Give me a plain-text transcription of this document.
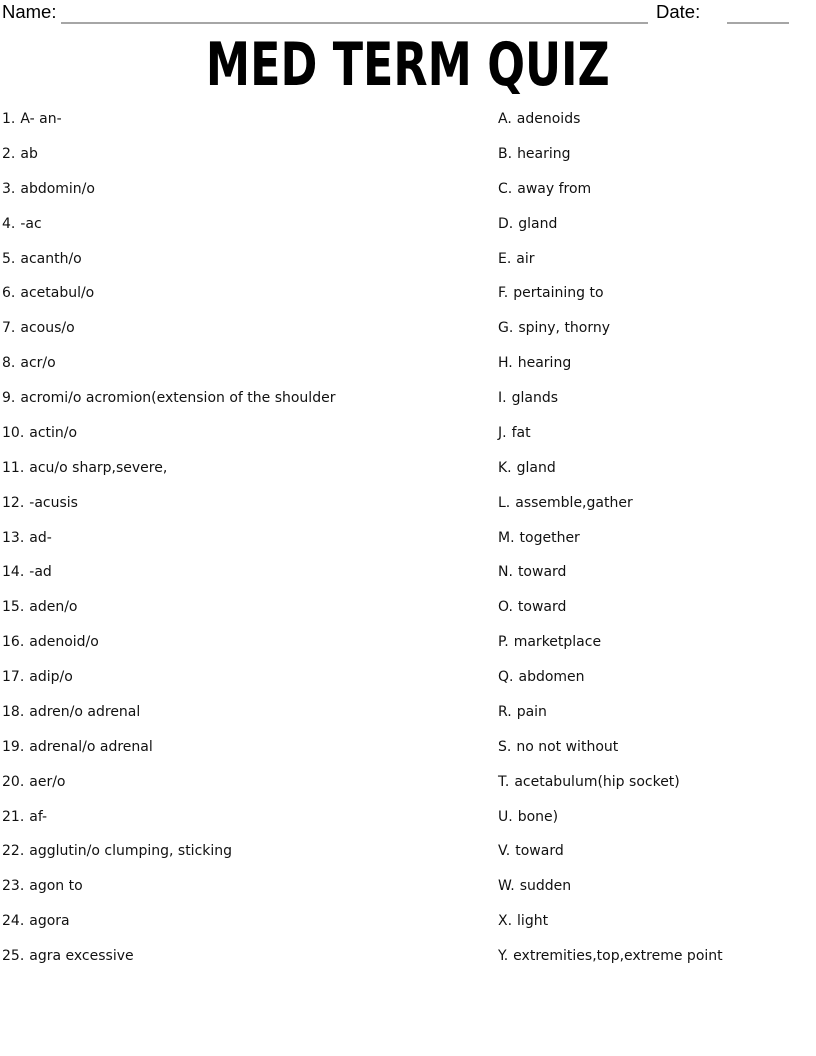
Name:	Date:
MED TERM QUIZ
1. A- an-
2. ab
3. abdomin/o
4. -ac
5. acanth/o
6. acetabul/o
7. acous/o
8. acr/o
9. acromi/o acromion(extension of the shoulder
10. actin/o
11. acu/o sharp,severe,
12. -acusis
13. ad-
14. -ad
15. aden/o
16. adenoid/o
17. adip/o
18. adren/o adrenal
19. adrenal/o adrenal
20. aer/o
21. af-
22. agglutin/o clumping, sticking
23. agon to
24. agora
25. agra excessive
A. adenoids
B. hearing
C. away from
D. gland
E. air
F. pertaining to
G. spiny, thorny
H. hearing
I. glands
J. fat
K. gland
L. assemble,gather
M. together
N. toward
O. toward
P. marketplace
Q. abdomen
R. pain
S. no not without
T. acetabulum(hip socket)
U. bone)
V. toward
W. sudden
X. light
Y. extremities,top,extreme point
